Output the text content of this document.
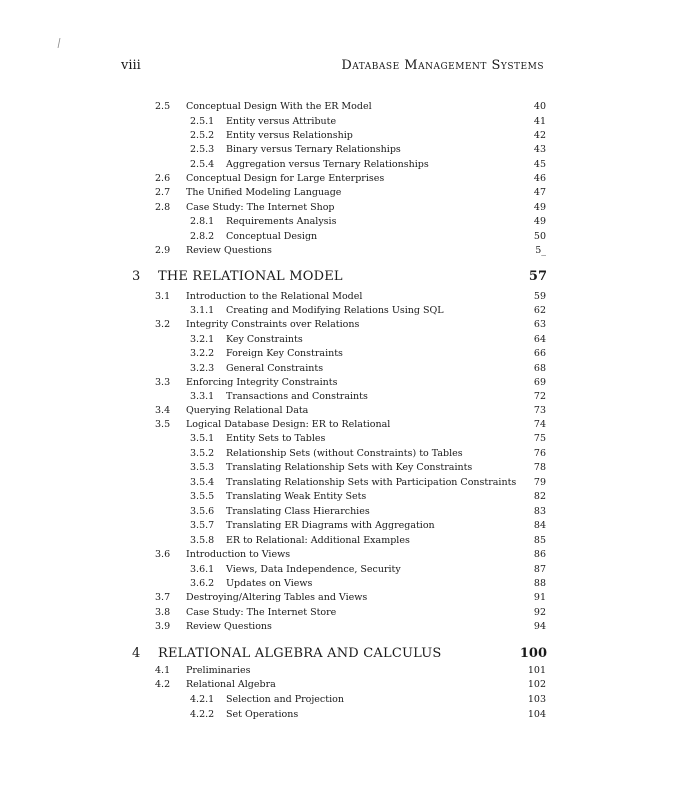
viii	Database Management Systems
2.5 Conceptual Design With the ER Model	40
2.5.1 Entity versus Attribute	41
2.5.2 Entity versus Relationship	42
2.5.3 Binary versus Ternary Relationships	43
2.5.4 Aggregation versus Ternary Relationships	45
2.6 Conceptual Design for Large Enterprises	46
2.7 The Unified Modeling Language	47
2.8 Case Study: The Internet Shop	49
2.8.1 Requirements Analysis	49
2.8.2 Conceptual Design	50
2.9 Review Questions	5_
3 THE RELATIONAL MODEL	57
3.1 Introduction to the Relational Model	59
3.1.1 Creating and Modifying Relations Using SQL	62
3.2 Integrity Constraints over Relations	63
3.2.1 Key Constraints	64
3.2.2 Foreign Key Constraints	66
3.2.3 General Constraints	68
3.3 Enforcing Integrity Constraints	69
3.3.1 Transactions and Constraints	72
3.4 Querying Relational Data	73
3.5 Logical Database Design: ER to Relational	74
3.5.1 Entity Sets to Tables	75
3.5.2 Relationship Sets (without Constraints) to Tables	76
3.5.3 Translating Relationship Sets with Key Constraints	78
3.5.4 Translating Relationship Sets with Participation Constraints 79
3.5.5 Translating Weak Entity Sets	82
3.5.6 Translating Class Hierarchies	83
3.5.7 Translating ER Diagrams with Aggregation	84
3.5.8 ER to Relational: Additional Examples	85
3.6 Introduction to Views	86
3.6.1 Views, Data Independence, Security	87
3.6.2 Updates on Views	88
3.7 Destroying/Altering Tables and Views	91
3.8 Case Study: The Internet Store	92
3.9 Review Questions	94
4 RELATIONAL ALGEBRA AND CALCULUS	100
4.1 Preliminaries	101
4.2 Relational Algebra	102
4.2.1 Selection and Projection	103
4.2.2 Set Operations	104
